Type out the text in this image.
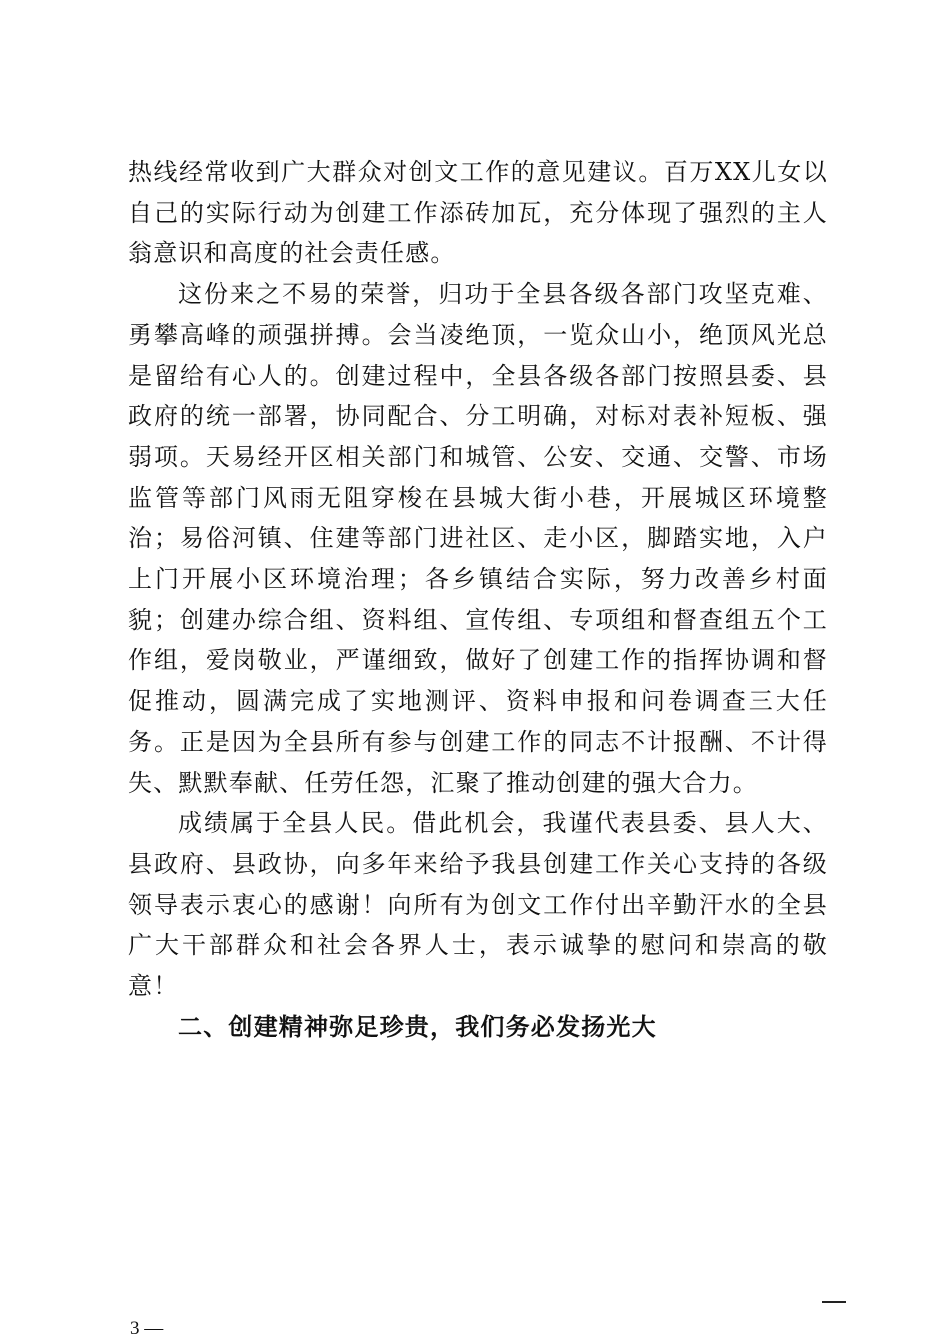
热线经常收到广大群众对创文工作的意见建议。百万XX儿女以自己的实际行动为创建工作添砖加瓦，充分体现了强烈的主人翁意识和高度的社会责任感。

这份来之不易的荣誉，归功于全县各级各部门攻坚克难、勇攀高峰的顽强拼搏。会当凌绝顶，一览众山小，绝顶风光总是留给有心人的。创建过程中，全县各级各部门按照县委、县政府的统一部署，协同配合、分工明确，对标对表补短板、强弱项。天易经开区相关部门和城管、公安、交通、交警、市场监管等部门风雨无阻穿梭在县城大街小巷，开展城区环境整治；易俗河镇、住建等部门进社区、走小区，脚踏实地，入户上门开展小区环境治理；各乡镇结合实际，努力改善乡村面貌；创建办综合组、资料组、宣传组、专项组和督查组五个工作组，爱岗敬业，严谨细致，做好了创建工作的指挥协调和督促推动，圆满完成了实地测评、资料申报和问卷调查三大任务。正是因为全县所有参与创建工作的同志不计报酬、不计得失、默默奉献、任劳任怨，汇聚了推动创建的强大合力。

成绩属于全县人民。借此机会，我谨代表县委、县人大、县政府、县政协，向多年来给予我县创建工作关心支持的各级领导表示衷心的感谢！向所有为创文工作付出辛勤汗水的全县广大干部群众和社会各界人士，表示诚挚的慰问和崇高的敬意！

二、创建精神弥足珍贵，我们务必发扬光大

3 —
